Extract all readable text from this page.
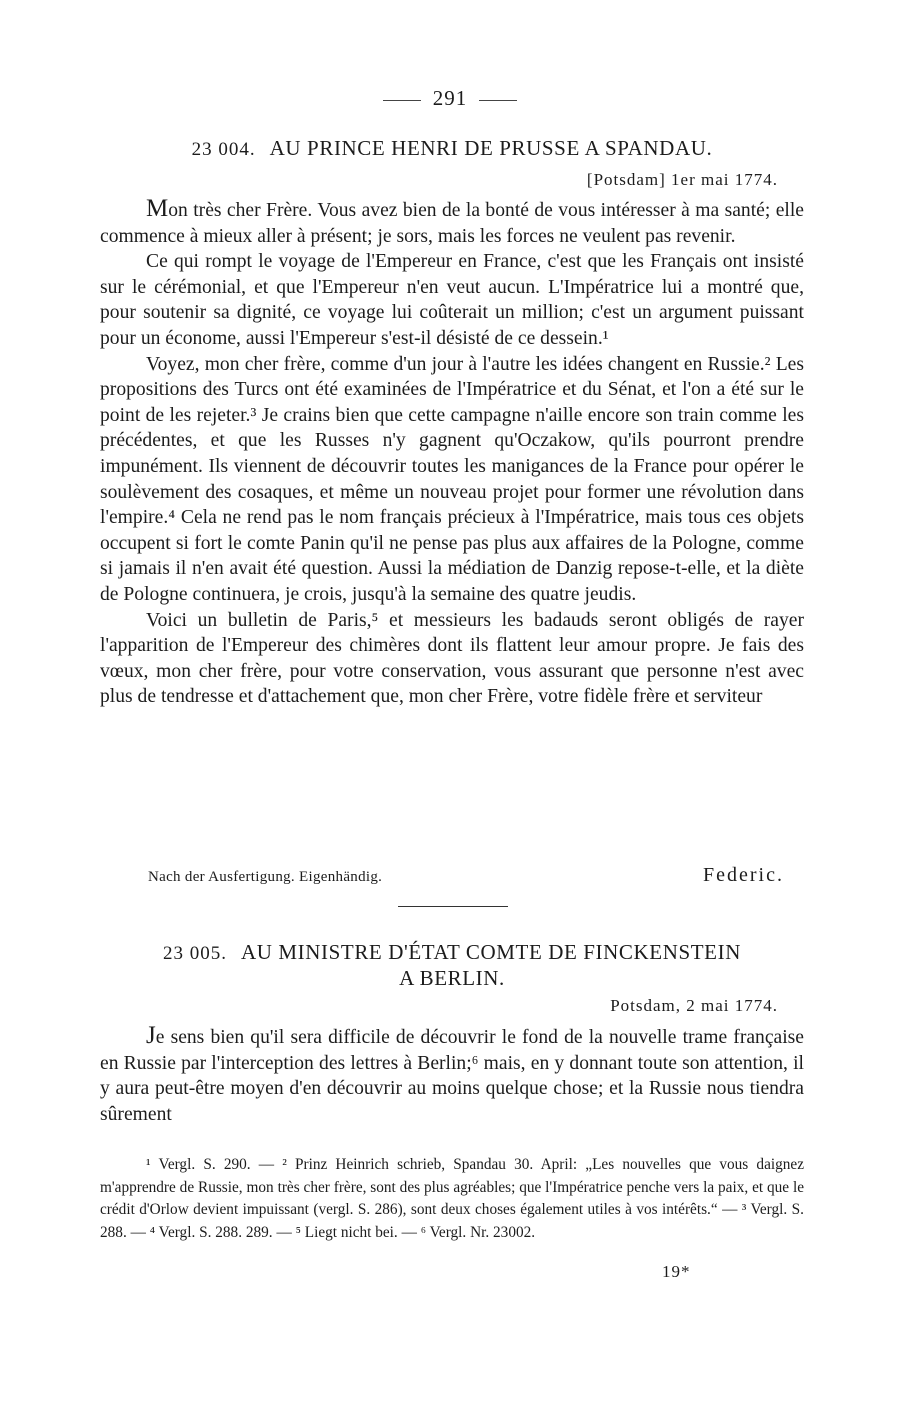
291
23 004. AU PRINCE HENRI DE PRUSSE A SPANDAU.
[Potsdam] 1er mai 1774.

Mon très cher Frère. Vous avez bien de la bonté de vous intéresser à ma santé; elle commence à mieux aller à présent; je sors, mais les forces ne veulent pas revenir.

Ce qui rompt le voyage de l'Empereur en France, c'est que les Français ont insisté sur le cérémonial, et que l'Empereur n'en veut aucun. L'Impératrice lui a montré que, pour soutenir sa dignité, ce voyage lui coûterait un million; c'est un argument puissant pour un économe, aussi l'Empereur s'est-il désisté de ce dessein.¹

Voyez, mon cher frère, comme d'un jour à l'autre les idées changent en Russie.² Les propositions des Turcs ont été examinées de l'Impératrice et du Sénat, et l'on a été sur le point de les rejeter.³ Je crains bien que cette campagne n'aille encore son train comme les précédentes, et que les Russes n'y gagnent qu'Oczakow, qu'ils pourront prendre impunément. Ils viennent de découvrir toutes les manigances de la France pour opérer le soulèvement des cosaques, et même un nouveau projet pour former une révolution dans l'empire.⁴ Cela ne rend pas le nom français précieux à l'Impératrice, mais tous ces objets occupent si fort le comte Panin qu'il ne pense pas plus aux affaires de la Pologne, comme si jamais il n'en avait été question. Aussi la médiation de Danzig repose-t-elle, et la diète de Pologne continuera, je crois, jusqu'à la semaine des quatre jeudis.

Voici un bulletin de Paris,⁵ et messieurs les badauds seront obligés de rayer l'apparition de l'Empereur des chimères dont ils flattent leur amour propre. Je fais des vœux, mon cher frère, pour votre conservation, vous assurant que personne n'est avec plus de tendresse et d'attachement que, mon cher Frère, votre fidèle frère et serviteur

Nach der Ausfertigung. Eigenhändig.	Federic.
23 005. AU MINISTRE D'ÉTAT COMTE DE FINCKENSTEIN
A BERLIN.
Potsdam, 2 mai 1774.

Je sens bien qu'il sera difficile de découvrir le fond de la nouvelle trame française en Russie par l'interception des lettres à Berlin;⁶ mais, en y donnant toute son attention, il y aura peut-être moyen d'en découvrir au moins quelque chose; et la Russie nous tiendra sûrement

¹ Vergl. S. 290. — ² Prinz Heinrich schrieb, Spandau 30. April: „Les nouvelles que vous daignez m'apprendre de Russie, mon très cher frère, sont des plus agréables; que l'Impératrice penche vers la paix, et que le crédit d'Orlow devient impuissant (vergl. S. 286), sont deux choses également utiles à vos intérêts.“ — ³ Vergl. S. 288. — ⁴ Vergl. S. 288. 289. — ⁵ Liegt nicht bei. — ⁶ Vergl. Nr. 23002.

19*
